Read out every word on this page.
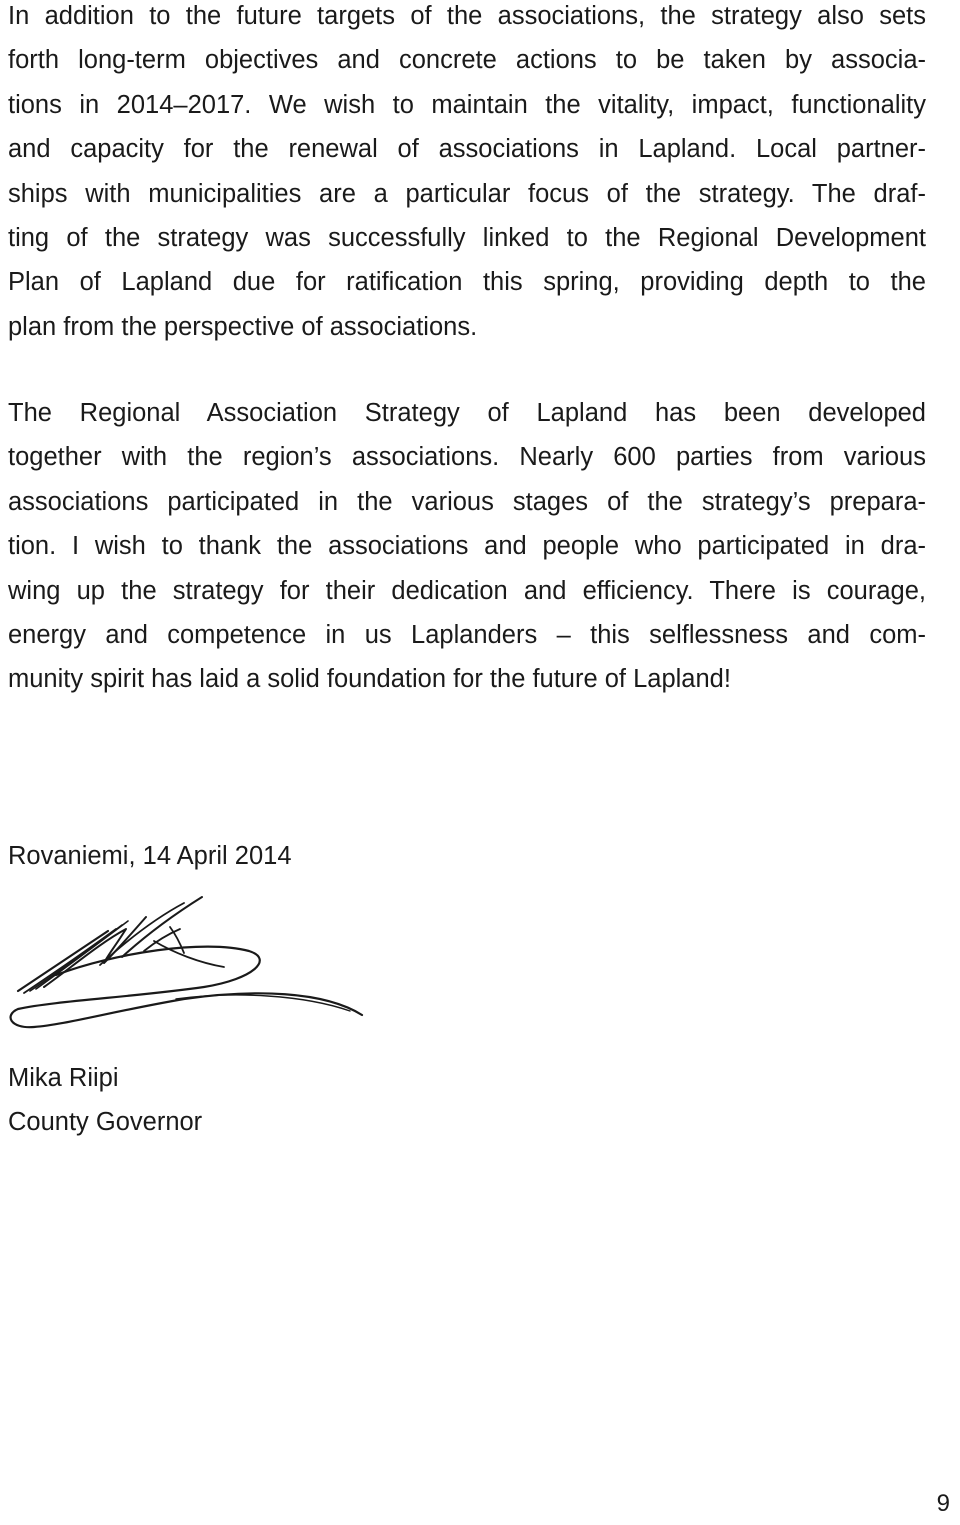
In addition to the future targets of the associations, the strategy also sets
forth long-term objectives and concrete actions to be taken by associa-
tions in 2014–2017. We wish to maintain the vitality, impact, functionality
and capacity for the renewal of associations in Lapland. Local partner-
ships with municipalities are a particular focus of the strategy. The draf-
ting of the strategy was successfully linked to the Regional Development
Plan of Lapland due for ratification this spring, providing depth to the
plan from the perspective of associations.
The Regional Association Strategy of Lapland has been developed
together with the region’s associations. Nearly 600 parties from various
associations participated in the various stages of the strategy’s prepara-
tion. I wish to thank the associations and people who participated in dra-
wing up the strategy for their dedication and efficiency. There is courage,
energy and competence in us Laplanders – this selflessness and com-
munity spirit has laid a solid foundation for the future of Lapland!

Rovaniemi, 14 April 2014

Mika Riipi

County Governor

9
